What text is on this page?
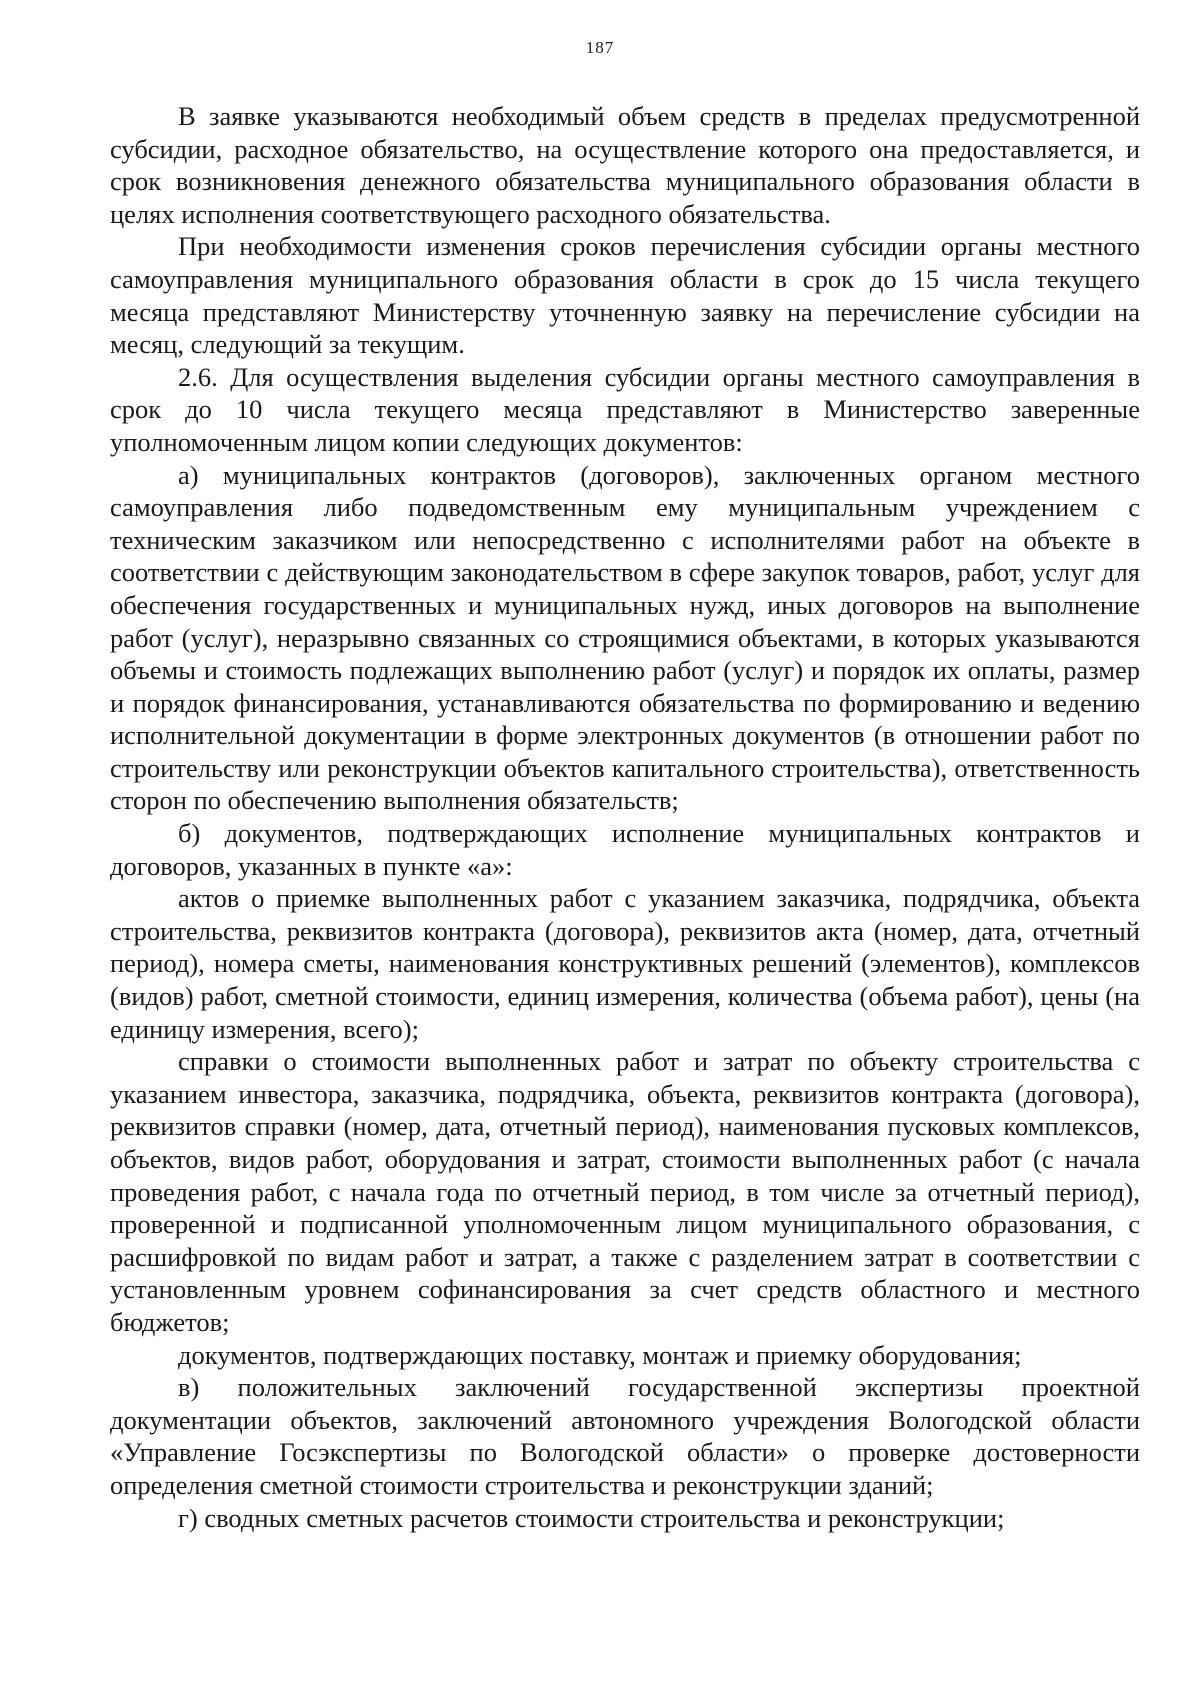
187

В заявке указываются необходимый объем средств в пределах предусмотренной субсидии, расходное обязательство, на осуществление которого она предоставляется, и срок возникновения денежного обязательства муниципального образования области в целях исполнения соответствующего расходного обязательства.

При необходимости изменения сроков перечисления субсидии органы местного самоуправления муниципального образования области в срок до 15 числа текущего месяца представляют Министерству уточненную заявку на перечисление субсидии на месяц, следующий за текущим.

2.6. Для осуществления выделения субсидии органы местного самоуправления в срок до 10 числа текущего месяца представляют в Министерство заверенные уполномоченным лицом копии следующих документов:

а) муниципальных контрактов (договоров), заключенных органом местного самоуправления либо подведомственным ему муниципальным учреждением с техническим заказчиком или непосредственно с исполнителями работ на объекте в соответствии с действующим законодательством в сфере закупок товаров, работ, услуг для обеспечения государственных и муниципальных нужд, иных договоров на выполнение работ (услуг), неразрывно связанных со строящимися объектами, в которых указываются объемы и стоимость подлежащих выполнению работ (услуг) и порядок их оплаты, размер и порядок финансирования, устанавливаются обязательства по формированию и ведению исполнительной документации в форме электронных документов (в отношении работ по строительству или реконструкции объектов капитального строительства), ответственность сторон по обеспечению выполнения обязательств;

б) документов, подтверждающих исполнение муниципальных контрактов и договоров, указанных в пункте «а»:

актов о приемке выполненных работ с указанием заказчика, подрядчика, объекта строительства, реквизитов контракта (договора), реквизитов акта (номер, дата, отчетный период), номера сметы, наименования конструктивных решений (элементов), комплексов (видов) работ, сметной стоимости, единиц измерения, количества (объема работ), цены (на единицу измерения, всего);

справки о стоимости выполненных работ и затрат по объекту строительства с указанием инвестора, заказчика, подрядчика, объекта, реквизитов контракта (договора), реквизитов справки (номер, дата, отчетный период), наименования пусковых комплексов, объектов, видов работ, оборудования и затрат, стоимости выполненных работ (с начала проведения работ, с начала года по отчетный период, в том числе за отчетный период), проверенной и подписанной уполномоченным лицом муниципального образования, с расшифровкой по видам работ и затрат, а также с разделением затрат в соответствии с установленным уровнем софинансирования за счет средств областного и местного бюджетов;

документов, подтверждающих поставку, монтаж и приемку оборудования;

в) положительных заключений государственной экспертизы проектной документации объектов, заключений автономного учреждения Вологодской области «Управление Госэкспертизы по Вологодской области» о проверке достоверности определения сметной стоимости строительства и реконструкции зданий;

г) сводных сметных расчетов стоимости строительства и реконструкции;
